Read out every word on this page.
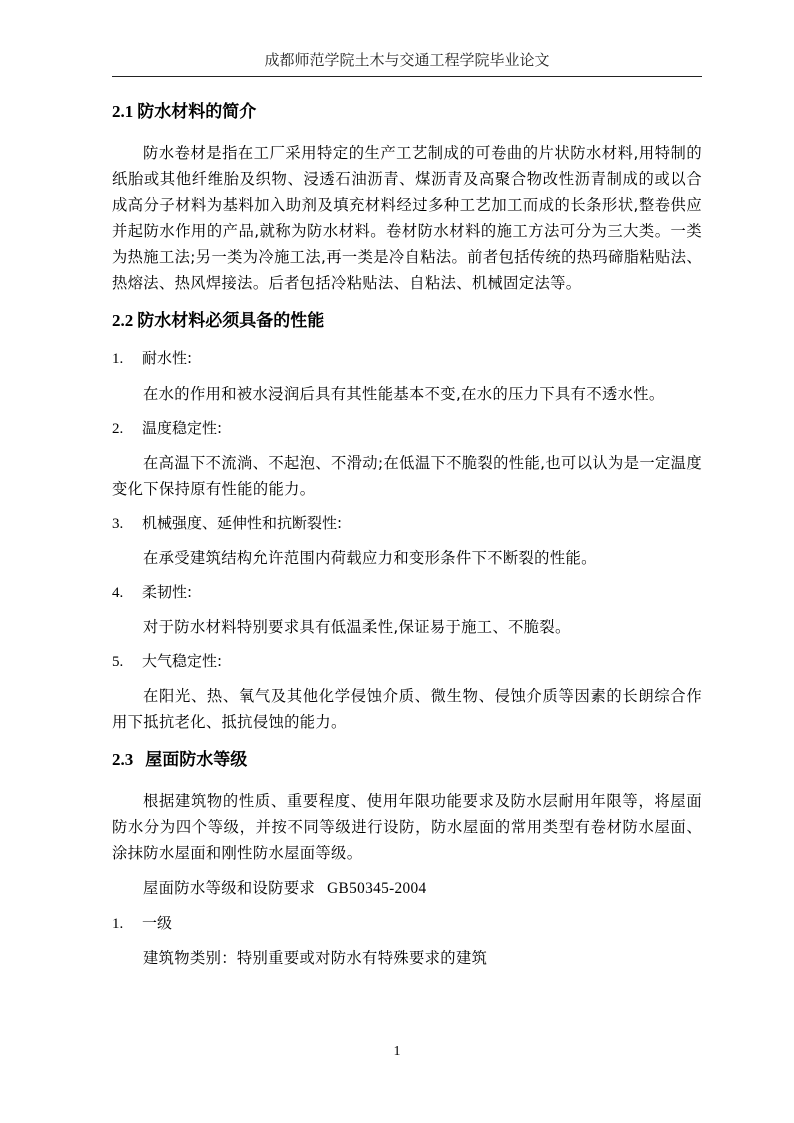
成都师范学院土木与交通工程学院毕业论文
2.1 防水材料的简介

防水卷材是指在工厂采用特定的生产工艺制成的可卷曲的片状防水材料,用特制的纸胎或其他纤维胎及织物、浸透石油沥青、煤沥青及高聚合物改性沥青制成的或以合成高分子材料为基料加入助剂及填充材料经过多种工艺加工而成的长条形状,整卷供应并起防水作用的产品,就称为防水材料。卷材防水材料的施工方法可分为三大类。一类为热施工法;另一类为冷施工法,再一类是冷自粘法。前者包括传统的热玛碲脂粘贴法、热熔法、热风焊接法。后者包括冷粘贴法、自粘法、机械固定法等。

2.2 防水材料必须具备的性能
1.	耐水性:

在水的作用和被水浸润后具有其性能基本不变,在水的压力下具有不透水性。

2.	温度稳定性:

在高温下不流淌、不起泡、不滑动;在低温下不脆裂的性能,也可以认为是一定温度变化下保持原有性能的能力。

3.	机械强度、延伸性和抗断裂性:

在承受建筑结构允许范围内荷载应力和变形条件下不断裂的性能。

4.	柔韧性:

对于防水材料特别要求具有低温柔性,保证易于施工、不脆裂。

5.	大气稳定性:

在阳光、热、氧气及其他化学侵蚀介质、微生物、侵蚀介质等因素的长朗综合作用下抵抗老化、抵抗侵蚀的能力。

2.3 屋面防水等级

根据建筑物的性质、重要程度、使用年限功能要求及防水层耐用年限等，将屋面防水分为四个等级，并按不同等级进行设防，防水屋面的常用类型有卷材防水屋面、涂抹防水屋面和刚性防水屋面等级。

屋面防水等级和设防要求 GB50345-2004

1.	一级

建筑物类别：特别重要或对防水有特殊要求的建筑

1
